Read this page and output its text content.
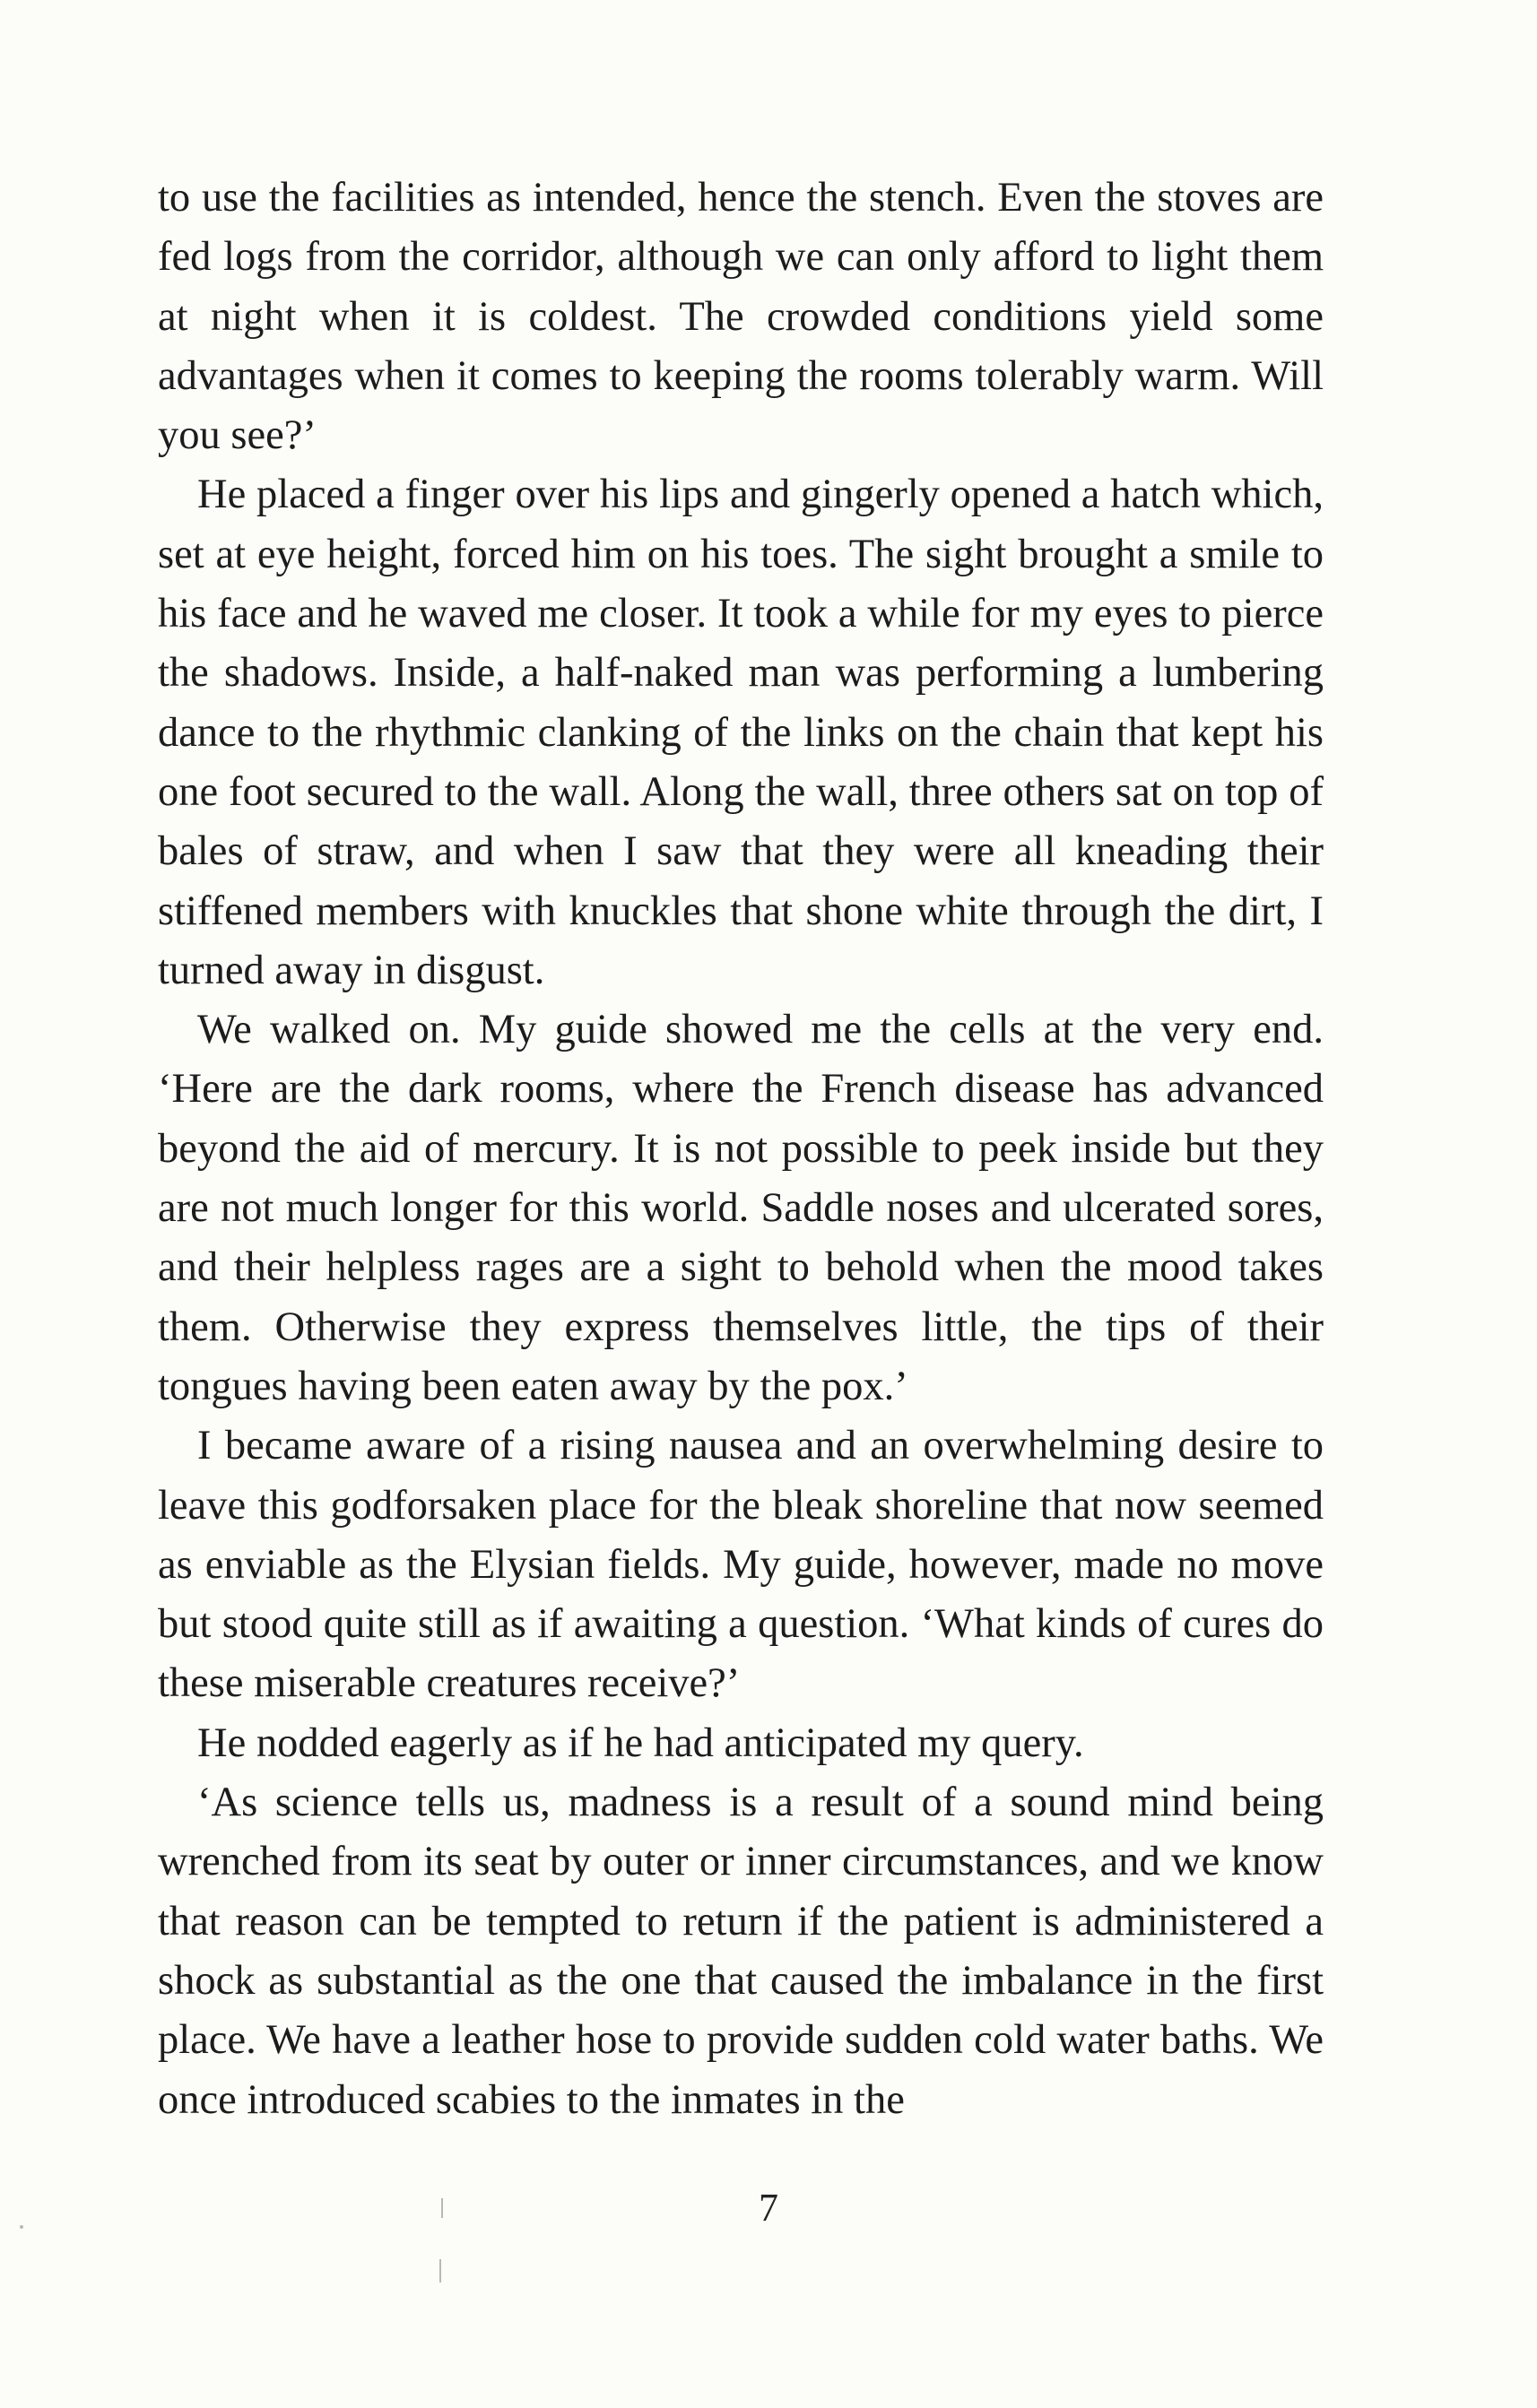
to use the facilities as intended, hence the stench. Even the stoves are fed logs from the corridor, although we can only afford to light them at night when it is coldest. The crowded conditions yield some advantages when it comes to keeping the rooms tolerably warm. Will you see?’

He placed a finger over his lips and gingerly opened a hatch which, set at eye height, forced him on his toes. The sight brought a smile to his face and he waved me closer. It took a while for my eyes to pierce the shadows. Inside, a half-naked man was performing a lumbering dance to the rhythmic clanking of the links on the chain that kept his one foot secured to the wall. Along the wall, three others sat on top of bales of straw, and when I saw that they were all kneading their stiffened members with knuckles that shone white through the dirt, I turned away in disgust.

We walked on. My guide showed me the cells at the very end. ‘Here are the dark rooms, where the French disease has advanced beyond the aid of mercury. It is not possible to peek inside but they are not much longer for this world. Saddle noses and ulcerated sores, and their helpless rages are a sight to behold when the mood takes them. Otherwise they express themselves little, the tips of their tongues having been eaten away by the pox.’

I became aware of a rising nausea and an overwhelming desire to leave this godforsaken place for the bleak shoreline that now seemed as enviable as the Elysian fields. My guide, however, made no move but stood quite still as if awaiting a question. ‘What kinds of cures do these miserable creatures receive?’

He nodded eagerly as if he had anticipated my query.

‘As science tells us, madness is a result of a sound mind being wrenched from its seat by outer or inner circumstances, and we know that reason can be tempted to return if the patient is administered a shock as substantial as the one that caused the imbalance in the first place. We have a leather hose to provide sudden cold water baths. We once introduced scabies to the inmates in the

7
